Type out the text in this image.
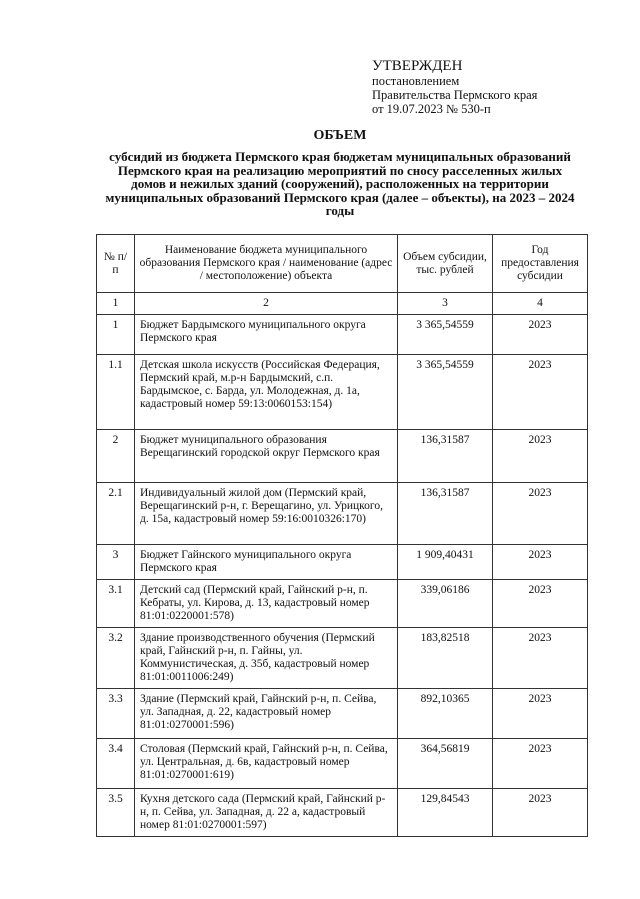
УТВЕРЖДЕН
постановлением
Правительства Пермского края
от 19.07.2023 № 530-п
ОБЪЕМ
субсидий из бюджета Пермского края бюджетам муниципальных образований Пермского края на реализацию мероприятий по сносу расселенных жилых домов и нежилых зданий (сооружений), расположенных на территории муниципальных образований Пермского края (далее – объекты), на 2023 – 2024 годы
№ п/п	Наименование бюджета муниципального образования Пермского края / наименование (адрес / местоположение) объекта	Объем субсидии, тыс. рублей	Год предоставления субсидии
1	2	3	4
1	Бюджет Бардымского муниципального округа Пермского края	3 365,54559	2023
1.1	Детская школа искусств (Российская Федерация, Пермский край, м.р-н Бардымский, с.п. Бардымское, с. Барда, ул. Молодежная, д. 1а, кадастровый номер 59:13:0060153:154)	3 365,54559	2023
2	Бюджет муниципального образования Верещагинский городской округ Пермского края	136,31587	2023
2.1	Индивидуальный жилой дом (Пермский край, Верещагинский р-н, г. Верещагино, ул. Урицкого, д. 15а, кадастровый номер 59:16:0010326:170)	136,31587	2023
3	Бюджет Гайнского муниципального округа Пермского края	1 909,40431	2023
3.1	Детский сад (Пермский край, Гайнский р-н, п. Кебраты, ул. Кирова, д. 13, кадастровый номер 81:01:0220001:578)	339,06186	2023
3.2	Здание производственного обучения (Пермский край, Гайнский р-н, п. Гайны, ул. Коммунистическая, д. 35б, кадастровый номер 81:01:0011006:249)	183,82518	2023
3.3	Здание (Пермский край, Гайнский р-н, п. Сейва, ул. Западная, д. 22, кадастровый номер 81:01:0270001:596)	892,10365	2023
3.4	Столовая (Пермский край, Гайнский р-н, п. Сейва, ул. Центральная, д. 6в, кадастровый номер 81:01:0270001:619)	364,56819	2023
3.5	Кухня детского сада (Пермский край, Гайнский р-н, п. Сейва, ул. Западная, д. 22 а, кадастровый номер 81:01:0270001:597)	129,84543	2023
